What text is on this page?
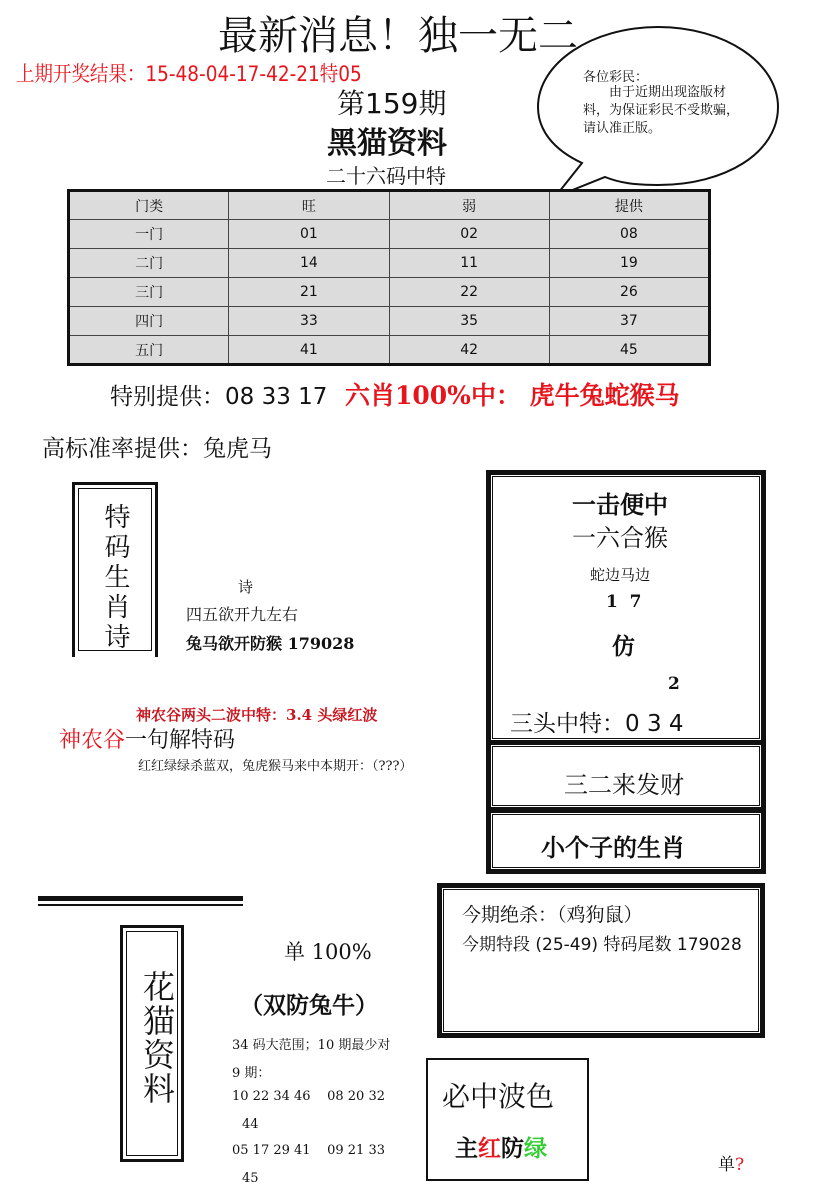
最新消息！独一无二
上期开奖结果：15-48-04-17-42-21特05
第159期
黑猫资料
二十六码中特
各位彩民：
由于近期出现盗版材料，为保证彩民不受欺骗，请认准正版。
门类	旺	弱	提供
一门	01	02	08
二门	14	11	19
三门	21	22	26
四门	33	35	37
五门	41	42	45
特别提供：08 33 17 六肖100%中： 虎牛兔蛇猴马
高标准率提供：兔虎马
特码生肖诗	诗
四五欲开九左右
兔马欲开防猴 179028
神农谷两头二波中特：3.4 头绿红波
神农谷 一句解特码
红红绿绿杀蓝双，兔虎猴马来中本期开：（???）
一击便中
一六合猴
蛇边马边
1  7
仿
2
三头中特：0 3 4
三二来发财
小个子的生肖
今期绝杀：（鸡狗鼠）
今期特段 (25-49) 特码尾数 179028
花猫资料
单 100%
（双防兔牛）
34 码大范围；10 期最少对
9 期：
10 22 34 46    08 20 32
44
05 17 29 41    09 21 33
45
必中波色
主红防绿
单?
